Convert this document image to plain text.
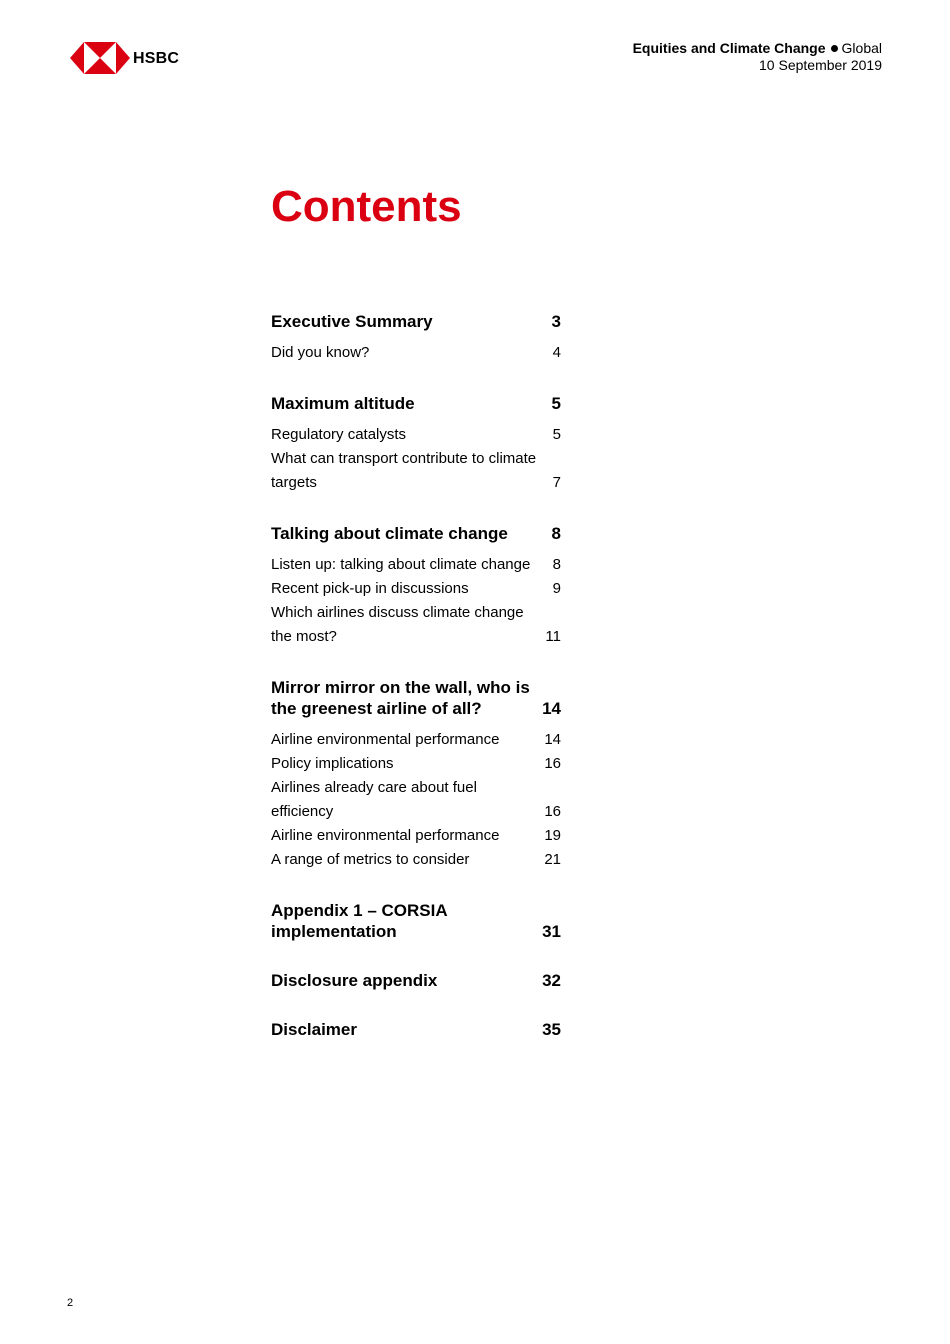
HSBC
Equities and Climate Change Global
10 September 2019
Contents
Executive Summary	3
Did you know?	4
Maximum altitude	5
Regulatory catalysts	5
What can transport contribute to climate targets	7
Talking about climate change	8
Listen up: talking about climate change	8
Recent pick-up in discussions	9
Which airlines discuss climate change the most?	11
Mirror mirror on the wall, who is the greenest airline of all?	14
Airline environmental performance	14
Policy implications	16
Airlines already care about fuel efficiency	16
Airline environmental performance	19
A range of metrics to consider	21
Appendix 1 – CORSIA implementation	31
Disclosure appendix	32
Disclaimer	35
2
